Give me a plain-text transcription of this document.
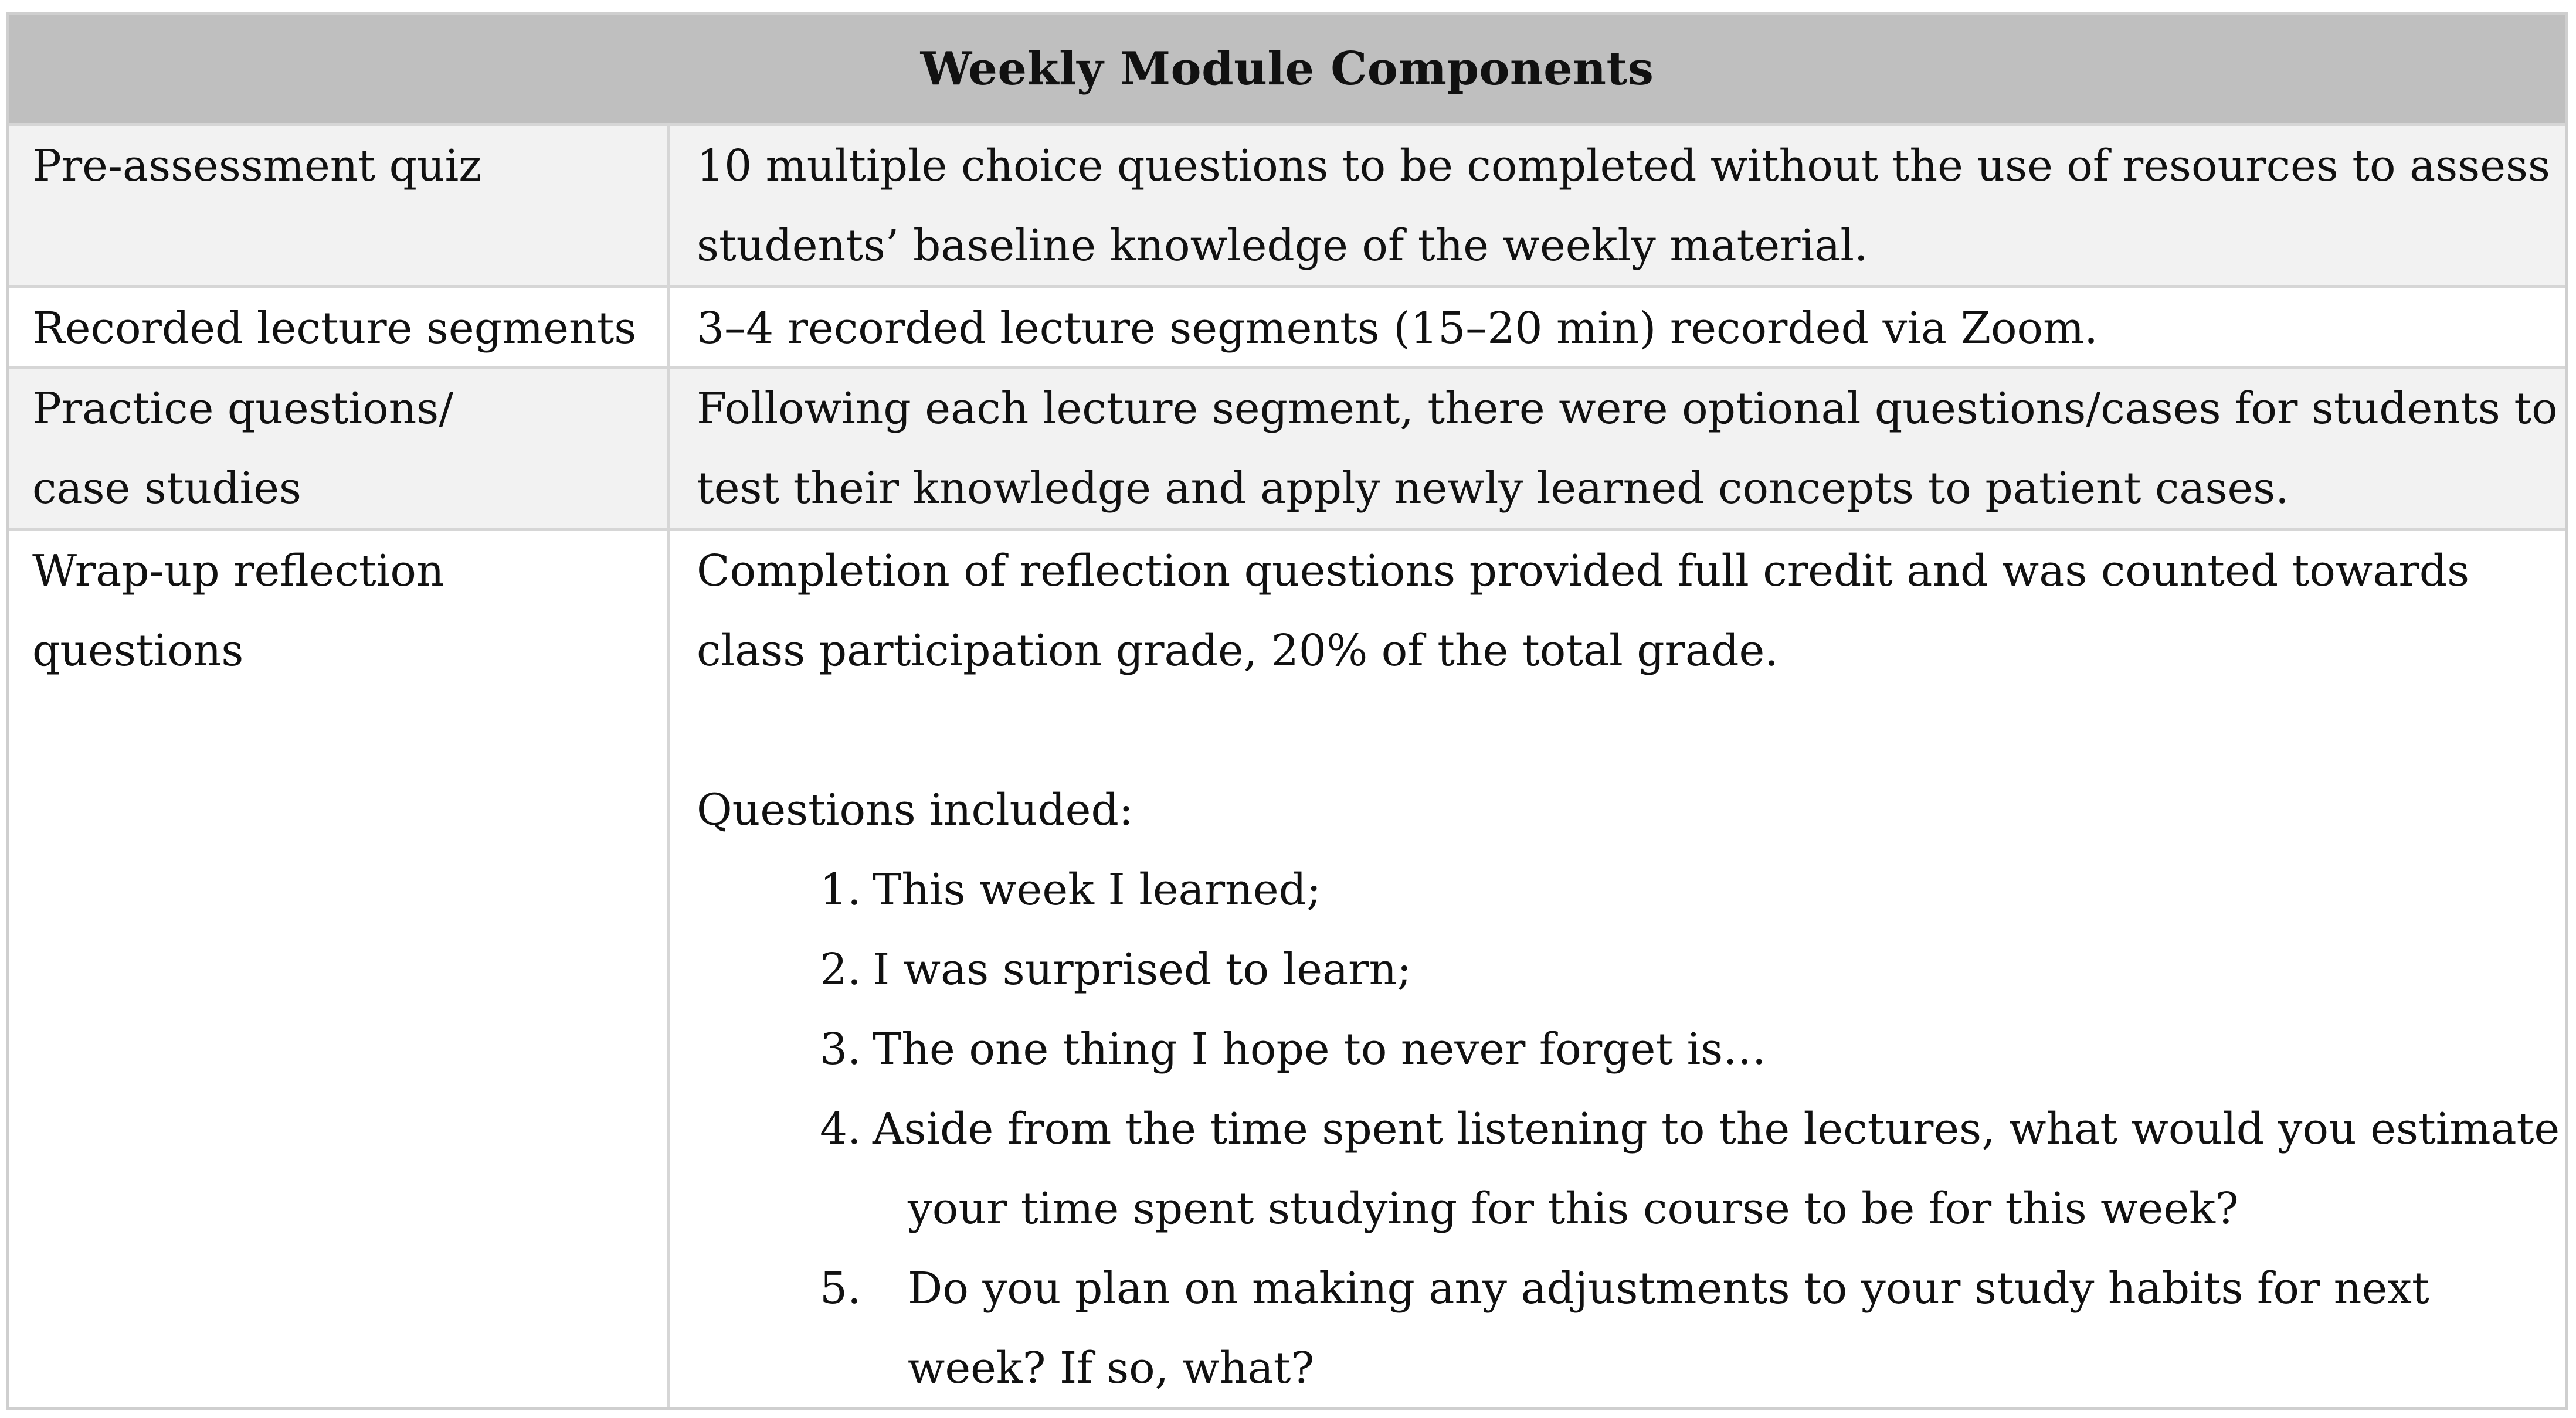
Weekly Module Components
Pre-assessment quiz	10 multiple choice questions to be completed without the use of resources to assess
students’ baseline knowledge of the weekly material.
Recorded lecture segments 3–4 recorded lecture segments (15–20 min) recorded via Zoom.
Practice questions/
case studies
Following each lecture segment, there were optional questions/cases for students to
test their knowledge and apply newly learned concepts to patient cases.
Wrap-up reflection
questions
Completion of reflection questions provided full credit and was counted towards
class participation grade, 20% of the total grade.
Questions included:
1. This week I learned;
2. I was surprised to learn;
3. The one thing I hope to never forget is…
4. Aside from the time spent listening to the lectures, what would you estimate
your time spent studying for this course to be for this week?
5. Do you plan on making any adjustments to your study habits for next
week? If so, what?
